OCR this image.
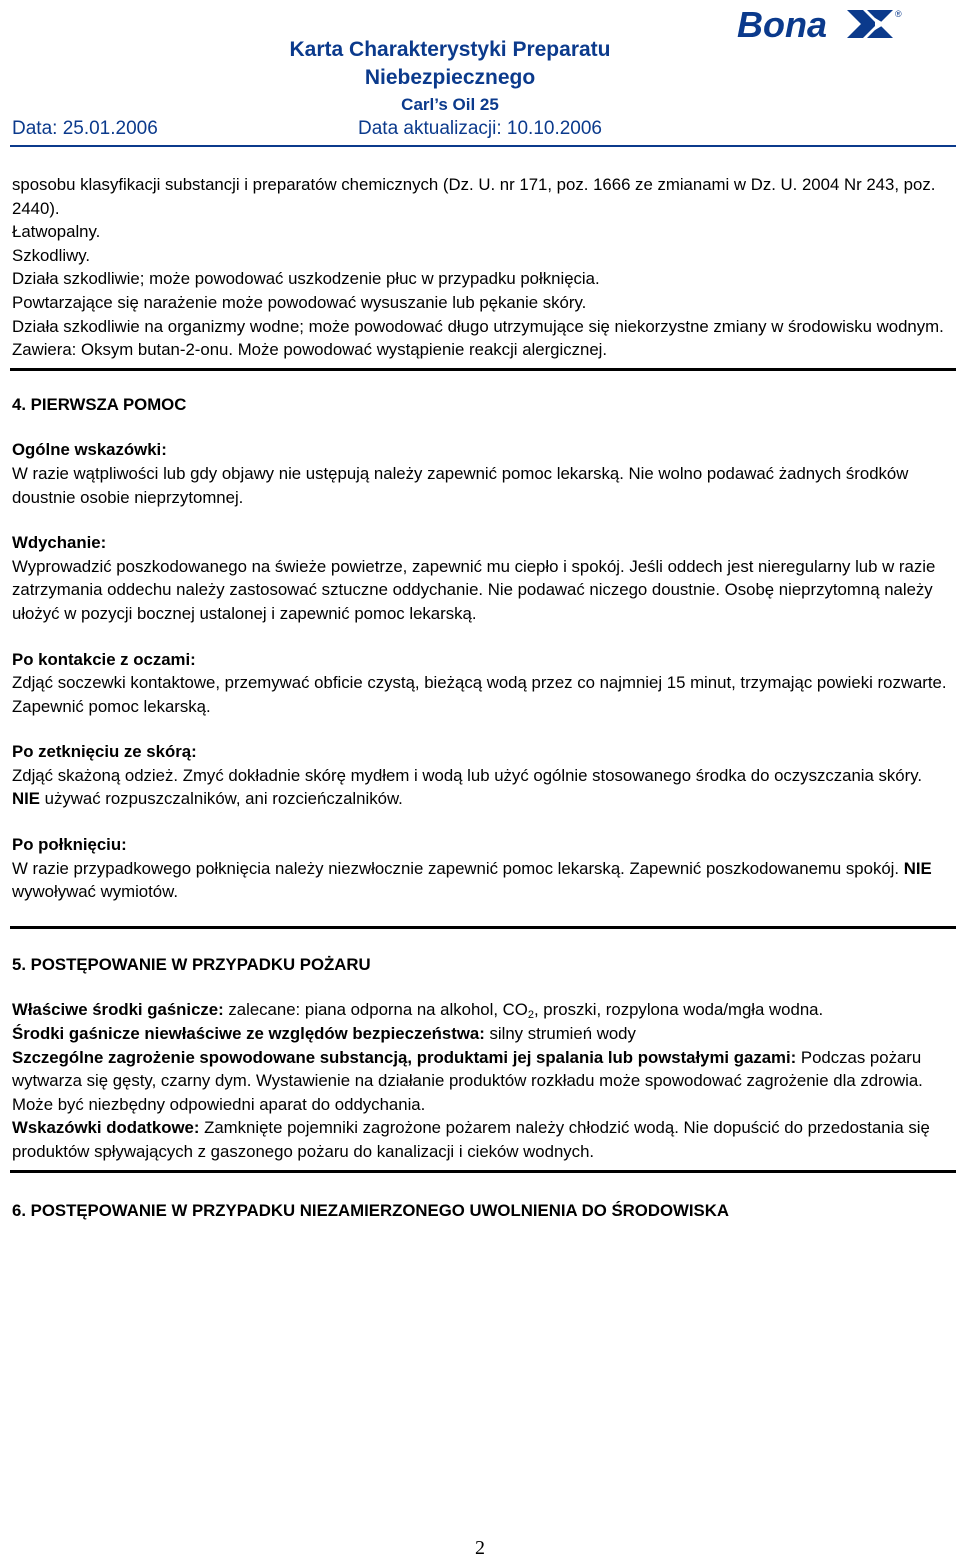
Karta Charakterystyki Preparatu
Niebezpiecznego
Carl’s Oil 25
Data: 25.01.2006	Data aktualizacji: 10.10.2006
Bona	®

sposobu klasyfikacji substancji i preparatów chemicznych (Dz. U. nr 171, poz. 1666 ze zmianami w Dz. U. 2004 Nr 243, poz. 2440).

Łatwopalny.

Szkodliwy.

Działa szkodliwie; może powodować uszkodzenie płuc w przypadku połknięcia.

Powtarzające się narażenie może powodować wysuszanie lub pękanie skóry.

Działa szkodliwie na organizmy wodne; może powodować długo utrzymujące się niekorzystne zmiany w środowisku wodnym.

Zawiera: Oksym butan-2-onu. Może powodować wystąpienie reakcji alergicznej.

4. PIERWSZA POMOC

Ogólne wskazówki:

W razie wątpliwości lub gdy objawy nie ustępują należy zapewnić pomoc lekarską. Nie wolno podawać żadnych środków doustnie osobie nieprzytomnej.

Wdychanie:

Wyprowadzić poszkodowanego na świeże powietrze, zapewnić mu ciepło i spokój. Jeśli oddech jest nieregularny lub w razie zatrzymania oddechu należy zastosować sztuczne oddychanie. Nie podawać niczego doustnie. Osobę nieprzytomną należy ułożyć w pozycji bocznej ustalonej i zapewnić pomoc lekarską.

Po kontakcie z oczami:

Zdjąć soczewki kontaktowe, przemywać obficie czystą, bieżącą wodą przez co najmniej 15 minut, trzymając powieki rozwarte. Zapewnić pomoc lekarską.

Po zetknięciu ze skórą:

Zdjąć skażoną odzież. Zmyć dokładnie skórę mydłem i wodą lub użyć ogólnie stosowanego środka do oczyszczania skóry. NIE używać rozpuszczalników, ani rozcieńczalników.

Po połknięciu:

W razie przypadkowego połknięcia należy niezwłocznie zapewnić pomoc lekarską. Zapewnić poszkodowanemu spokój. NIE wywoływać wymiotów.

5. POSTĘPOWANIE W PRZYPADKU POŻARU

Właściwe środki gaśnicze: zalecane: piana odporna na alkohol, $CO_2$, proszki, rozpylona woda/mgła wodna.

Środki gaśnicze niewłaściwe ze względów bezpieczeństwa: silny strumień wody

Szczególne zagrożenie spowodowane substancją, produktami jej spalania lub powstałymi gazami: Podczas pożaru wytwarza się gęsty, czarny dym. Wystawienie na działanie produktów rozkładu może spowodować zagrożenie dla zdrowia. Może być niezbędny odpowiedni aparat do oddychania.

Wskazówki dodatkowe: Zamknięte pojemniki zagrożone pożarem należy chłodzić wodą. Nie dopuścić do przedostania się produktów spływających z gaszonego pożaru do kanalizacji i cieków wodnych.

6. POSTĘPOWANIE W PRZYPADKU NIEZAMIERZONEGO UWOLNIENIA DO ŚRODOWISKA

2
